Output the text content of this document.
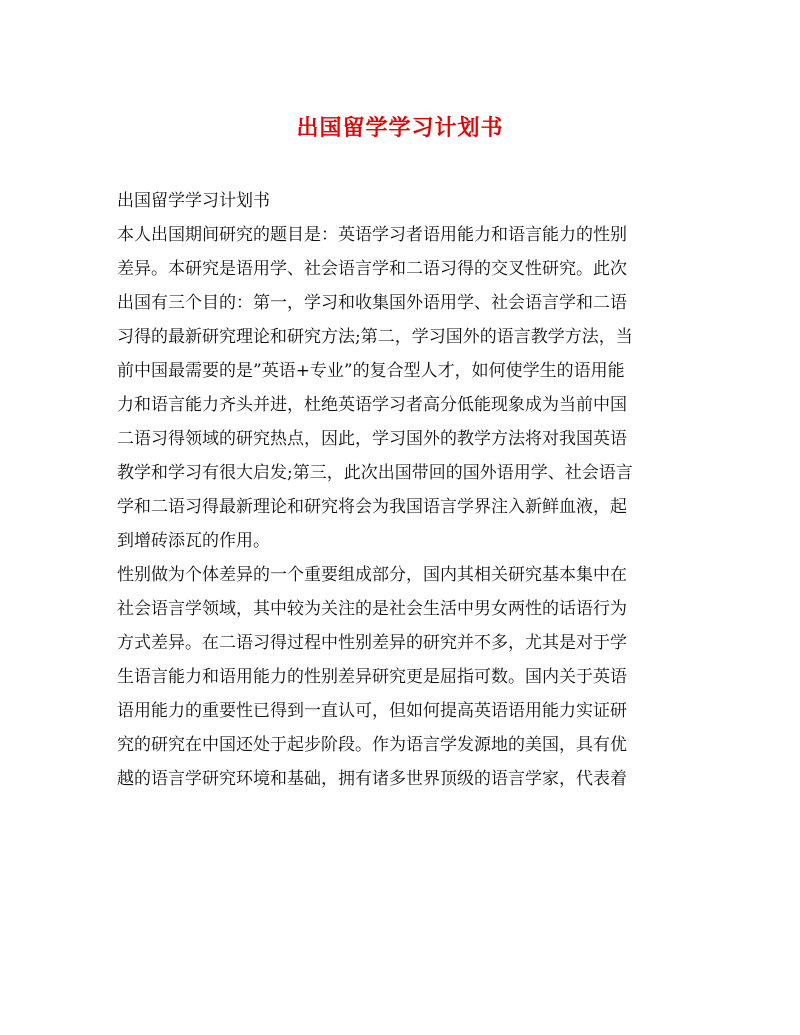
出国留学学习计划书

出国留学学习计划书

本人出国期间研究的题目是：英语学习者语用能力和语言能力的性别
差异。本研究是语用学、社会语言学和二语习得的交叉性研究。此次
出国有三个目的：第一，学习和收集国外语用学、社会语言学和二语
习得的最新研究理论和研究方法;第二，学习国外的语言教学方法，当
前中国最需要的是”英语+专业”的复合型人才，如何使学生的语用能
力和语言能力齐头并进，杜绝英语学习者高分低能现象成为当前中国
二语习得领域的研究热点，因此，学习国外的教学方法将对我国英语
教学和学习有很大启发;第三，此次出国带回的国外语用学、社会语言
学和二语习得最新理论和研究将会为我国语言学界注入新鲜血液，起
到增砖添瓦的作用。

性别做为个体差异的一个重要组成部分，国内其相关研究基本集中在
社会语言学领域，其中较为关注的是社会生活中男女两性的话语行为
方式差异。在二语习得过程中性别差异的研究并不多，尤其是对于学
生语言能力和语用能力的性别差异研究更是屈指可数。国内关于英语
语用能力的重要性已得到一直认可，但如何提高英语语用能力实证研
究的研究在中国还处于起步阶段。作为语言学发源地的美国，具有优
越的语言学研究环境和基础，拥有诸多世界顶级的语言学家，代表着
